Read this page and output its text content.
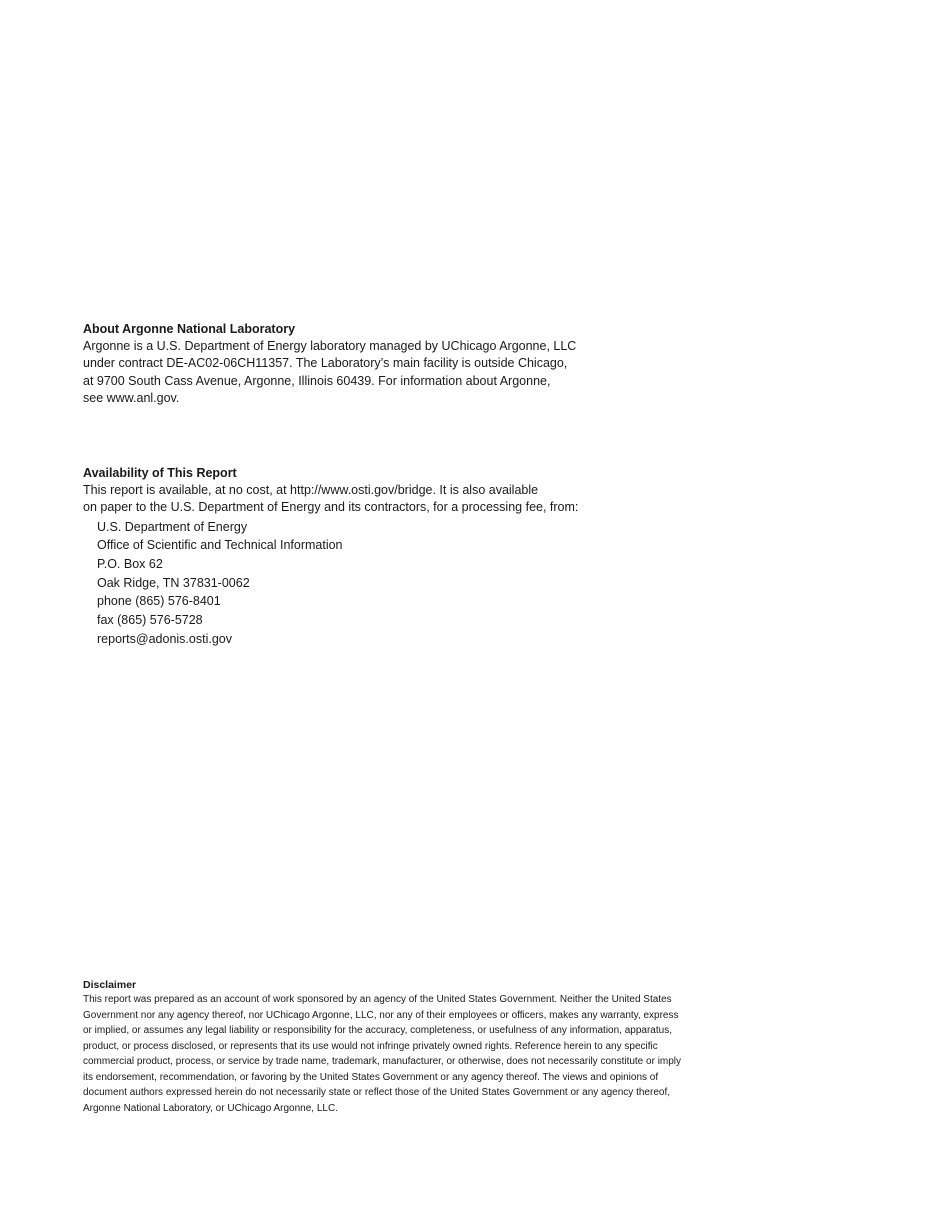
About Argonne National Laboratory

Argonne is a U.S. Department of Energy laboratory managed by UChicago Argonne, LLC

under contract DE-AC02-06CH11357. The Laboratory’s main facility is outside Chicago,

at 9700 South Cass Avenue, Argonne, Illinois 60439. For information about Argonne,

see www.anl.gov.

Availability of This Report

This report is available, at no cost, at http://www.osti.gov/bridge. It is also available

on paper to the U.S. Department of Energy and its contractors, for a processing fee, from:

U.S. Department of Energy

Office of Scientific and Technical Information

P.O. Box 62

Oak Ridge, TN 37831-0062

phone (865) 576-8401

fax (865) 576-5728

reports@adonis.osti.gov

Disclaimer

This report was prepared as an account of work sponsored by an agency of the United States Government. Neither the United States

Government nor any agency thereof, nor UChicago Argonne, LLC, nor any of their employees or officers, makes any warranty, express

or implied, or assumes any legal liability or responsibility for the accuracy, completeness, or usefulness of any information, apparatus,

product, or process disclosed, or represents that its use would not infringe privately owned rights. Reference herein to any specific

commercial product, process, or service by trade name, trademark, manufacturer, or otherwise, does not necessarily constitute or imply

its endorsement, recommendation, or favoring by the United States Government or any agency thereof. The views and opinions of

document authors expressed herein do not necessarily state or reflect those of the United States Government or any agency thereof,

Argonne National Laboratory, or UChicago Argonne, LLC.
